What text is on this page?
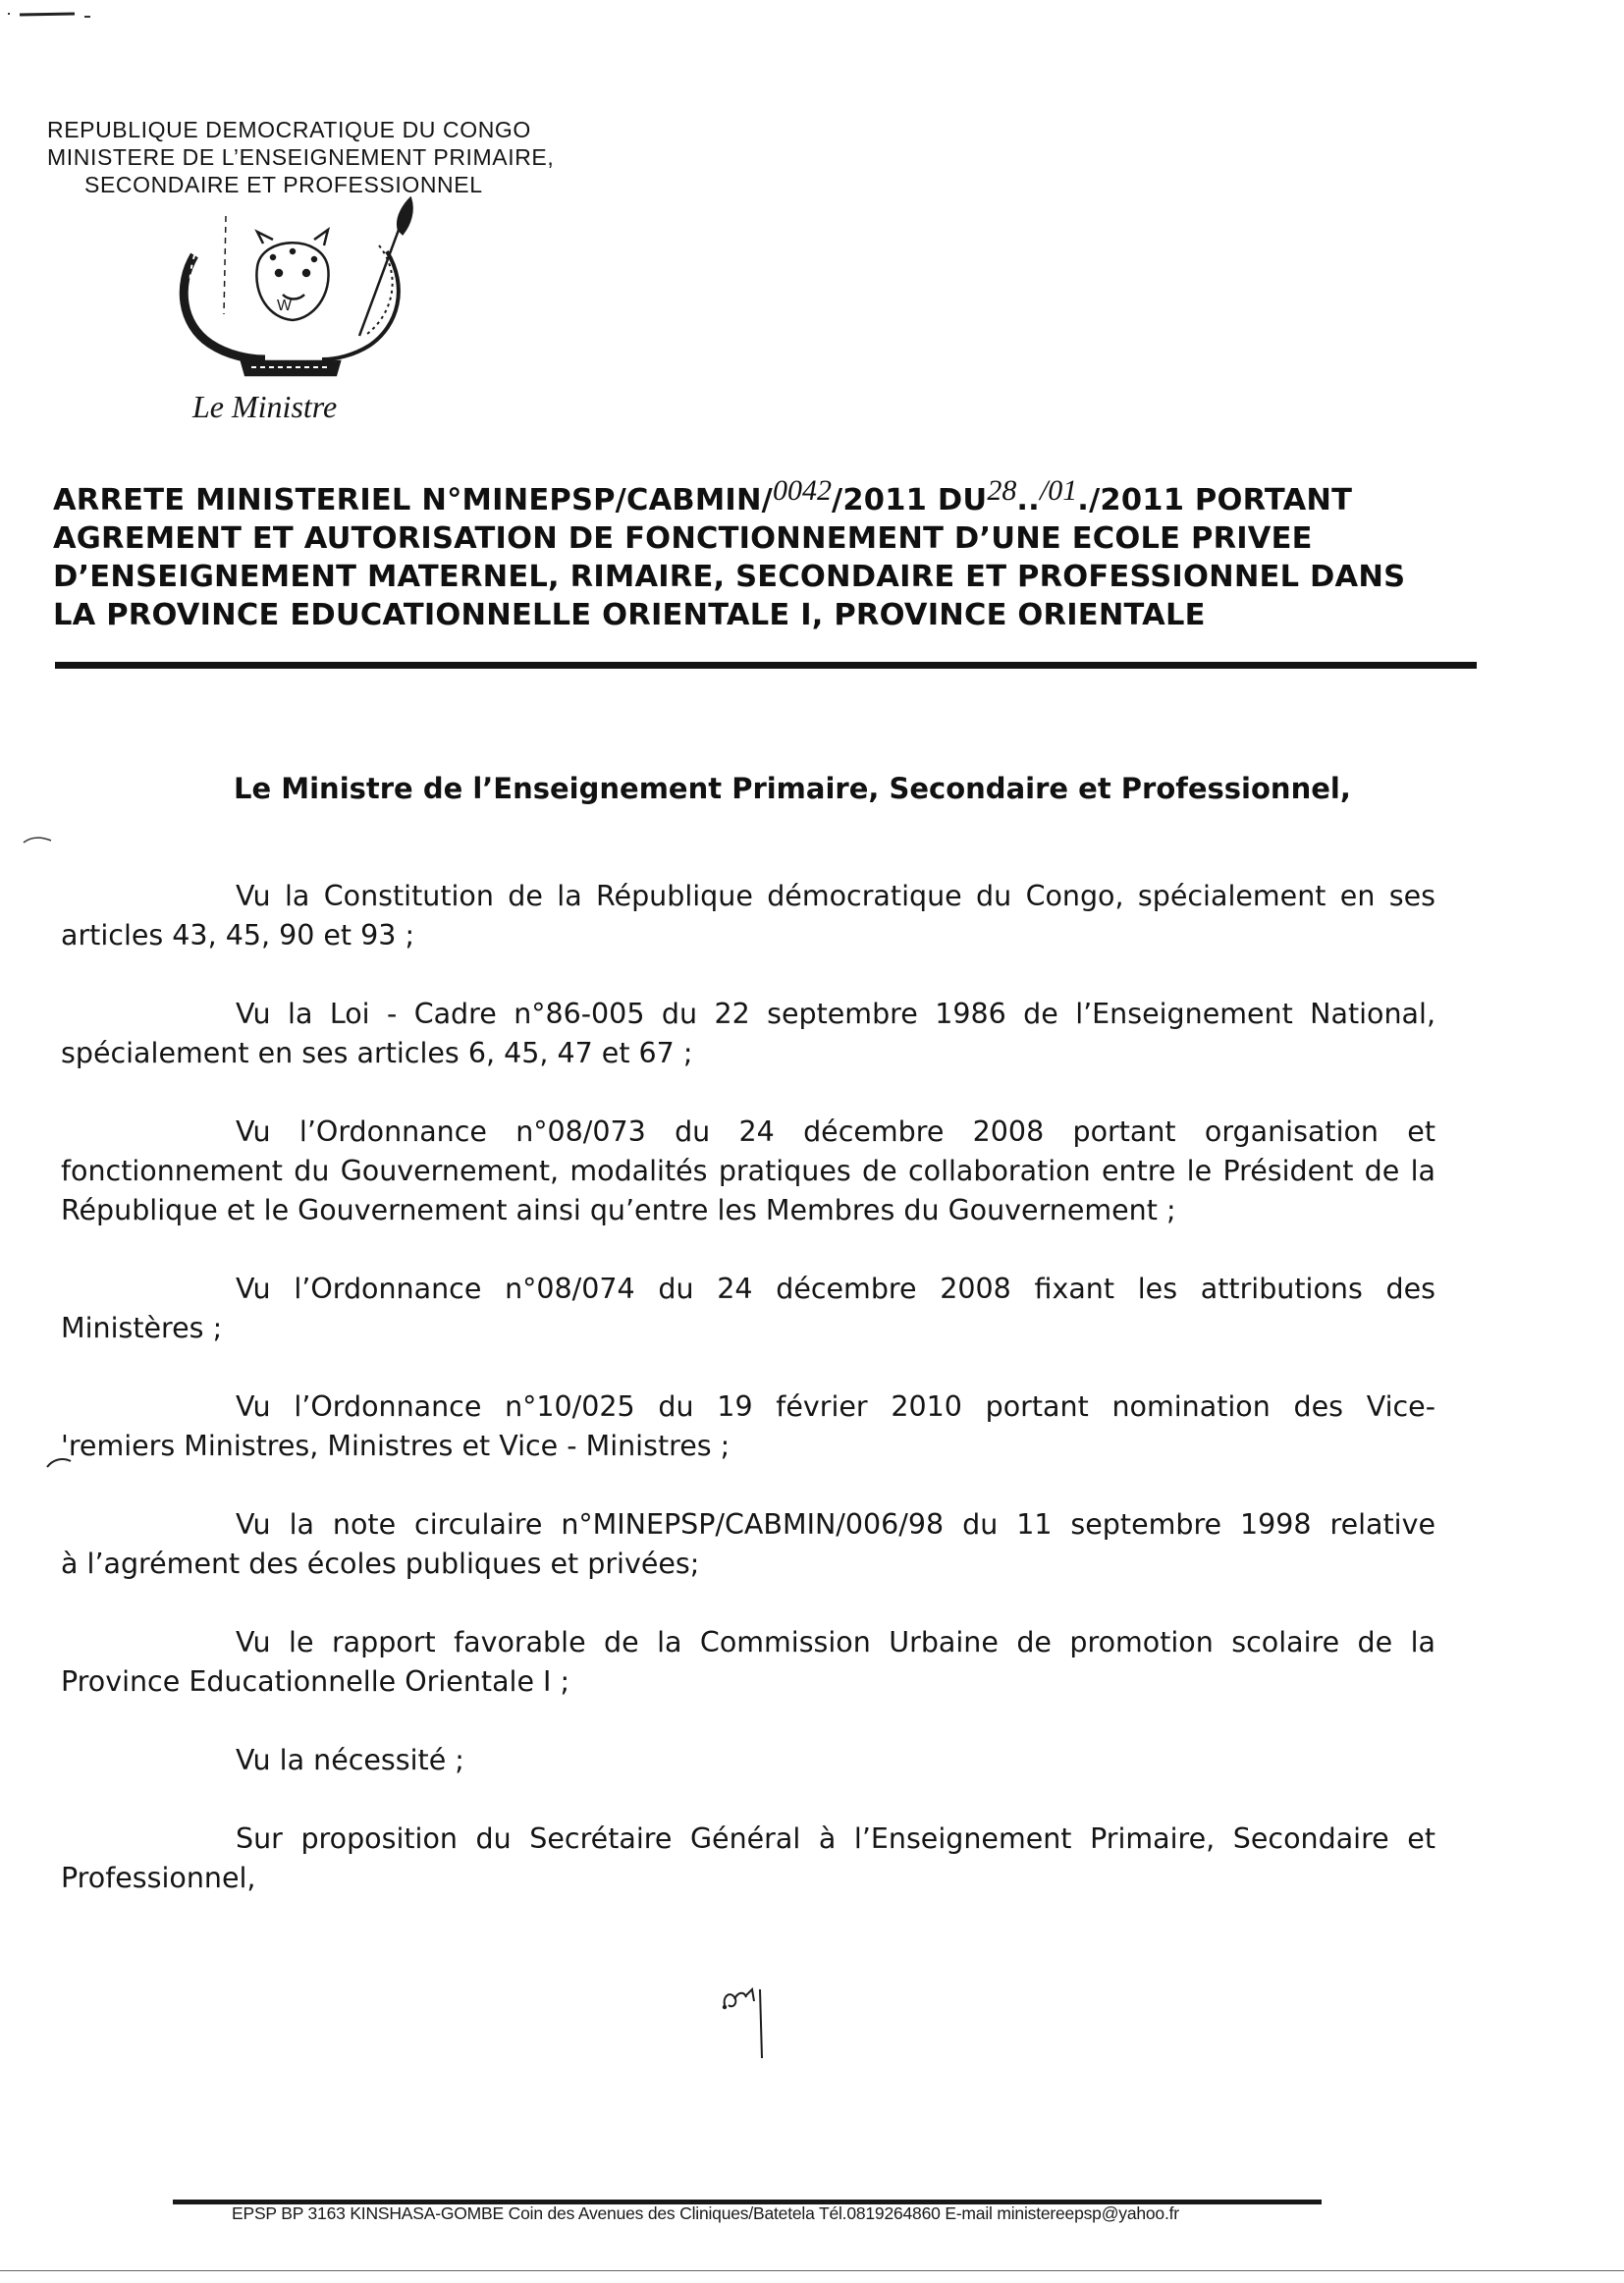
REPUBLIQUE DEMOCRATIQUE DU CONGO
MINISTERE DE L’ENSEIGNEMENT PRIMAIRE,
SECONDAIRE ET PROFESSIONNEL
W
Le Ministre
ARRETE MINISTERIEL N°MINEPSP/CABMIN/0042/2011 DU28../01./2011 PORTANT
AGREMENT ET AUTORISATION DE FONCTIONNEMENT D’UNE ECOLE PRIVEE
D’ENSEIGNEMENT MATERNEL, RIMAIRE, SECONDAIRE ET PROFESSIONNEL DANS
LA PROVINCE EDUCATIONNELLE ORIENTALE I, PROVINCE ORIENTALE
Le Ministre de l’Enseignement Primaire, Secondaire et Professionnel,
Vu la Constitution de la République démocratique du Congo, spécialement en ses
articles 43, 45, 90 et 93 ;
Vu la Loi - Cadre n°86-005 du 22 septembre 1986 de l’Enseignement National,
spécialement en ses articles 6, 45, 47 et 67 ;
Vu l’Ordonnance n°08/073 du 24 décembre 2008 portant organisation et
fonctionnement du Gouvernement, modalités pratiques de collaboration entre le Président de la République et le Gouvernement ainsi qu’entre les Membres du Gouvernement ;
Vu l’Ordonnance n°08/074 du 24 décembre 2008 fixant les attributions des
Ministères ;
Vu l’Ordonnance n°10/025 du 19 février 2010 portant nomination des Vice-
'remiers Ministres, Ministres et Vice - Ministres ;
Vu la note circulaire n°MINEPSP/CABMIN/006/98 du 11 septembre 1998 relative
à l’agrément des écoles publiques et privées;
Vu le rapport favorable de la Commission Urbaine de promotion scolaire de la
Province Educationnelle Orientale I ;
Vu la nécessité ;
Sur proposition du Secrétaire Général à l’Enseignement Primaire, Secondaire et
Professionnel,
EPSP BP 3163 KINSHASA-GOMBE Coin des Avenues des Cliniques/Batetela Tél.0819264860 E-mail ministereepsp@yahoo.fr
